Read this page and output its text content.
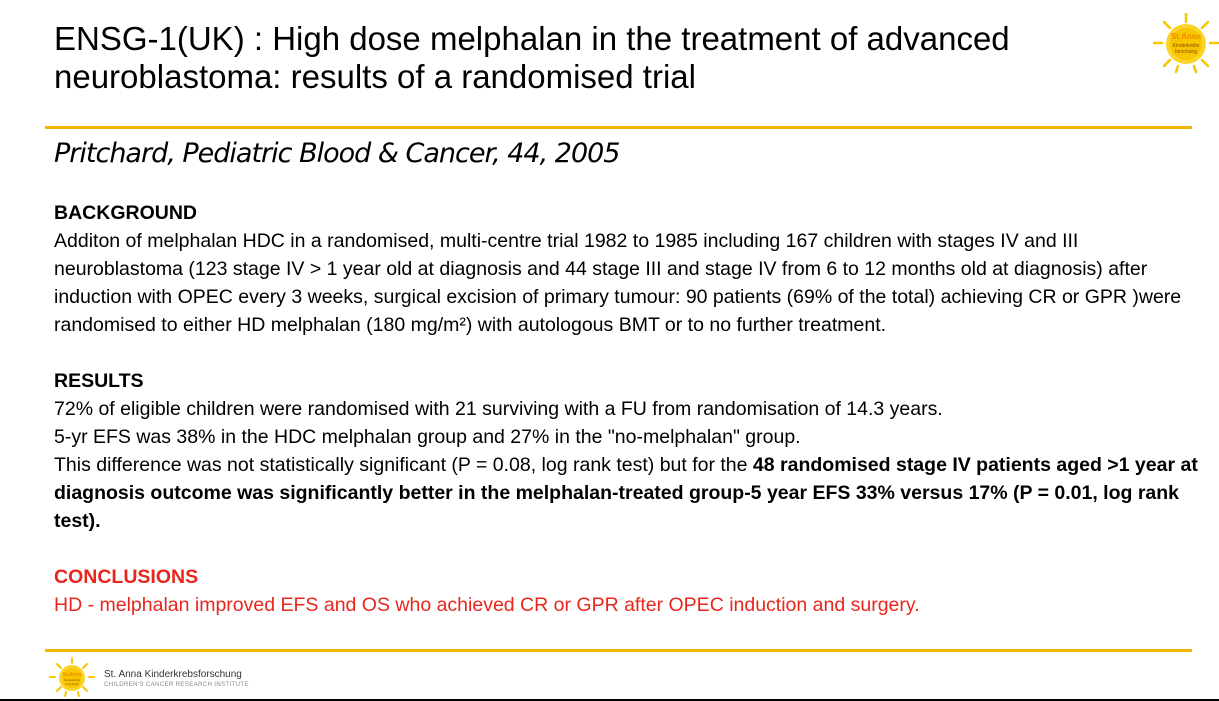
ENSG-1(UK) : High dose melphalan in the treatment of advanced neuroblastoma: results of a randomised trial
St.Anna
Kinderkrebs
forschung
Pritchard, Pediatric Blood & Cancer, 44, 2005
BACKGROUND
Additon of melphalan HDC in a randomised, multi-centre trial 1982 to 1985 including 167 children with stages IV and III neuroblastoma (123 stage IV > 1 year old at diagnosis and 44 stage III and stage IV from 6 to 12 months old at diagnosis) after induction with OPEC every 3 weeks, surgical excision of primary tumour: 90 patients (69% of the total) achieving CR or GPR )were randomised to either HD melphalan (180 mg/m²) with autologous BMT or to no further treatment.
RESULTS
72% of eligible children were randomised with 21 surviving with a FU from randomisation of 14.3 years.
5-yr EFS was 38% in the HDC melphalan group and 27% in the "no-melphalan" group.
This difference was not statistically significant (P = 0.08, log rank test) but for the 48 randomised stage IV patients aged >1 year at diagnosis outcome was significantly better in the melphalan-treated group-5 year EFS 33% versus 17% (P = 0.01, log rank test).
CONCLUSIONS
HD - melphalan improved EFS and OS who achieved CR or GPR after OPEC induction and surgery.
St.Anna
Kinderkrebs
forschung
St. Anna Kinderkrebsforschung
CHILDREN'S CANCER RESEARCH INSTITUTE
